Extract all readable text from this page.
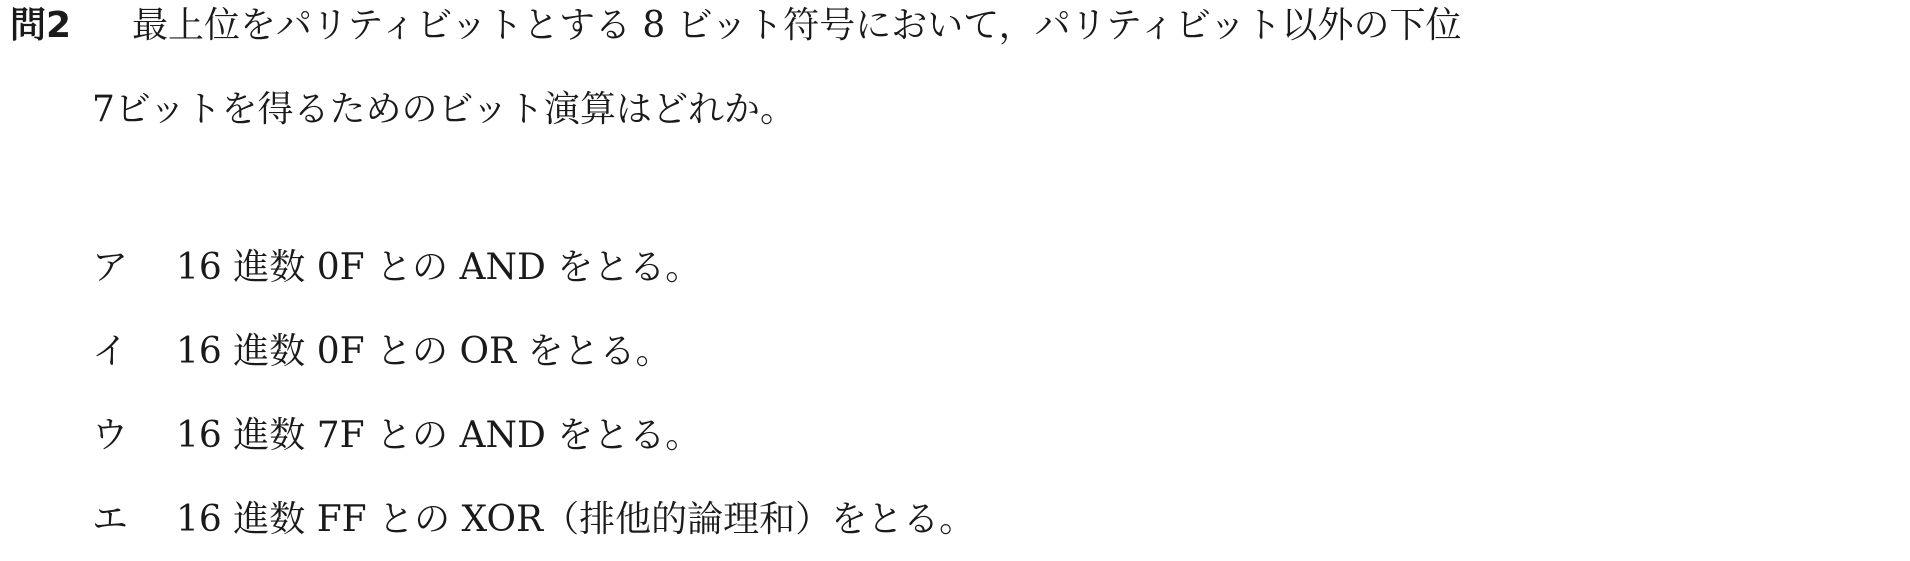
問2 最上位をパリティビットとする 8 ビット符号において，パリティビット以外の下位
7ビットを得るためのビット演算はどれか。
ア	16 進数 0F との AND をとる。
イ	16 進数 0F との OR をとる。
ウ	16 進数 7F との AND をとる。
エ	16 進数 FF との XOR（排他的論理和）をとる。
